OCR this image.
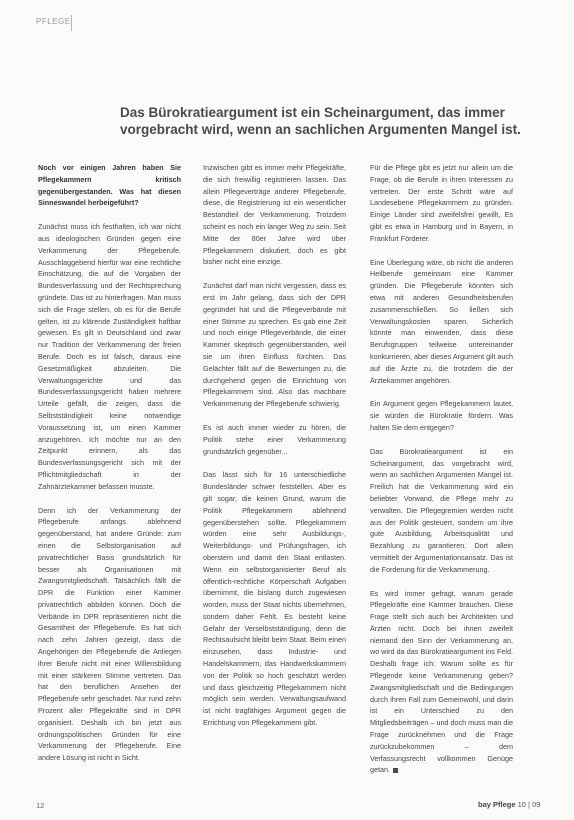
PFLEGE
Das Bürokratieargument ist ein Scheinargument, das immer vorgebracht wird, wenn an sachlichen Argumenten Mangel ist.

Noch vor einigen Jahren haben Sie Pflegekammern kritisch gegenübergestanden. Was hat diesen Sinneswandel herbeigeführt?

Zunächst muss ich festhalten, ich war nicht aus ideologischen Gründen gegen eine Verkammerung der Pflegeberufe. Ausschlaggebend hierfür war eine rechtliche Einschätzung, die auf die Vorgaben der Bundesverfassung und der Rechtsprechung gründete. Das ist zu hinterfragen. Man muss sich die Frage stellen, ob es für die Berufe gelten, ist zu klärende Zuständigkeit haftbar gewesen. Es gilt in Deutschland und zwar nur Tradition der Verkammerung der freien Berufe. Doch es ist falsch, daraus eine Gesetzmäßigkeit abzuleiten. Die Verwaltungsgerichte und das Bundesverfassungsgericht haben mehrere Urteile gefällt, die zeigen, dass die Selbstständigkeit keine notwendige Voraussetzung ist, um einen Kammer anzugehören. Ich möchte nur an den Zeitpunkt erinnern, als das Bundesverfassungsgericht sich mit der Pflichtmitgliedschaft in der Zahnärztekammer befassen musste.

Denn ich der Verkammerung der Pflegeberufe anfangs ablehnend gegenüberstand, hat andere Gründe: zum einen die Selbstorganisation auf privatrechtlicher Basis grundsätzlich für besser als Organisationen mit Zwangsmitgliedschaft. Tatsächlich fällt die DPR die Funktion einer Kammer privatrechtlich abbilden können. Doch die Verbände im DPR repräsentieren nicht die Gesamtheit der Pflegeberufe. Es hat sich nach zehn Jahren gezeigt, dass die Angehörigen der Pflegeberufe die Anliegen ihrer Berufe nicht mit einer Willensbildung mit einer stärkeren Stimme vertreten. Das hat den beruflichen Ansehen der Pflegeberufe sehr geschadet. Nur rund zehn Prozent aller Pflegekräfte sind in DPR organisiert. Deshalb ich bin jetzt aus ordnungspolitischen Gründen für eine Verkammerung der Pflegeberufe. Eine andere Lösung ist nicht in Sicht.

Inzwischen gibt es immer mehr Pflegekräfte, die sich freiwillig registrieren lassen. Das allein Pflegeverträge anderer Pflegeberufe, diese, die Registrierung ist ein wesentlicher Bestandteil der Verkammerung. Trotzdem scheint es noch ein langer Weg zu sein. Seit Mitte der 80er Jahre wird über Pflegekammern diskutiert, doch es gibt bisher nicht eine einzige.

Zunächst darf man nicht vergessen, dass es erst im Jahr gelang, dass sich der DPR gegründet hat und die Pflegeverbände mit einer Stimme zu sprechen. Es gab eine Zeit und noch einige Pflegeverbände, die einer Kammer skeptisch gegenüberstanden, weil sie um ihren Einfluss fürchten. Das Gelächter fällt auf die Bewertungen zu, die durchgehend gegen die Einrichtung von Pflegekammern sind. Also das machbare Verkammerung der Pflegeberufe schwierig.

Es ist auch immer wieder zu hören, die Politik stehe einer Verkammerung grundsätzlich gegenüber...

Das lässt sich für 16 unterschiedliche Bundesländer schwer feststellen. Aber es gilt sogar, die keinen Grund, warum die Politik Pflegekammern ablehnend gegenüberstehen sollte. Pflegekammern würden eine sehr Ausbildungs-, Weiterbildungs- und Prüfungsfragen, ich oberstem und damit den Staat entlasten. Wenn ein selbstorganisierter Beruf als öffentlich-rechtliche Körperschaft Aufgaben übernimmt, die bislang durch zugewiesen worden, muss der Staat nichts übernehmen, sondern daher Fehlt. Es besteht keine Gefahr der Verselbstständigung, denn die Rechtsaufsicht bleibt beim Staat. Beim einen einzusehen, dass Industrie- und Handelskammern, das Handwerkskammern von der Politik so hoch geschätzt werden und dass gleichzeitig Pflegekammern nicht möglich sein werden. Verwaltungsaufwand ist nicht tragfähiges Argument gegen die Errichtung von Pflegekammern gibt.

Für die Pflege gibt es jetzt nur allein um die Frage, ob die Berufe in ihren Interessen zu vertreten. Der erste Schritt wäre auf Landesebene Pflegekammern zu gründen. Einige Länder sind zweifelsfrei gewillt, Es gibt es etwa in Hamburg und in Bayern, in Frankfurt Förderer.

Eine Überlegung wäre, ob nicht die anderen Heilberufe gemeinsam eine Kammer gründen. Die Pflegeberufe könnten sich etwa mit anderen Gesundheitsberufen zusammenschließen. So ließen sich Verwaltungskosten sparen. Sicherlich könnte man einwenden, dass diese Berufsgruppen teilweise untereinander konkurrieren, aber dieses Argument gilt auch auf die Ärzte zu, die trotzdem die der Ärztekammer angehören.

Ein Argument gegen Pflegekammern lautet, sie würden die Bürokratie fördern. Was halten Sie dem entgegen?

Das Bürokratieargument ist ein Scheinargument, das vorgebracht wird, wenn an sachlichen Argumenten Mangel ist. Freilich hat die Verkammerung wird ein beliebter Vorwand, die Pflege mehr zu verwalten. Die Pflegegremien werden nicht aus der Politik gesteuert, sondern um ihre gute Ausbildung, Arbeitsqualität und Bezahlung zu garantieren. Dort allein vermittelt der Argumentationsansatz. Das ist die Forderung für die Verkammerung.

Es wird immer gefragt, warum gerade Pflegekräfte eine Kammer brauchen. Diese Frage stellt sich auch bei Architekten und Ärzten nicht. Doch bei ihnen zweifelt niemand den Sinn der Verkammerung an, wo wird da das Bürokratieargument ins Feld. Deshalb frage ich: Warum sollte es für Pflegende keine Verkammerung geben? Zwangsmitgliedschaft und die Bedingungen durch ihren Fall zum Gemeinwohl, und darin ist ein Unterschied zu den Mitgliedsbeiträgen – und doch muss man die Frage zurücknehmen und die Frage zurückzubekommen – dem Verfassungsrecht vollkommen Genüge getan.

12	bay Pflege 10 | 09
